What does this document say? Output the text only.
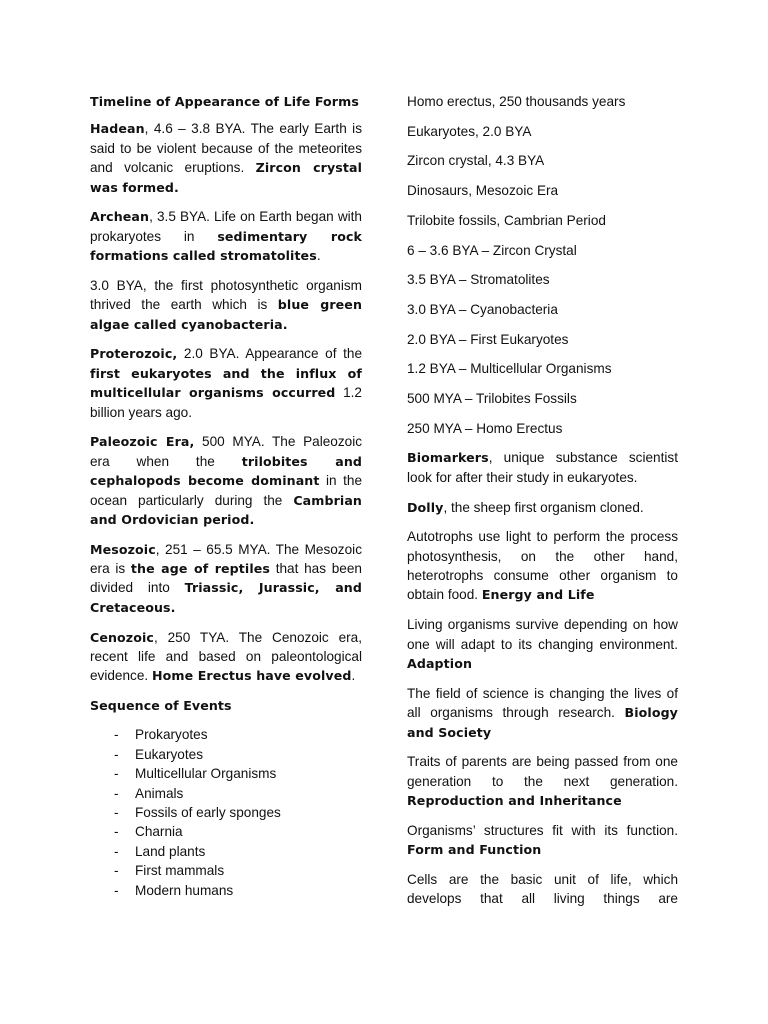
Timeline of Appearance of Life Forms

Hadean, 4.6 – 3.8 BYA. The early Earth is said to be violent because of the meteorites and volcanic eruptions. Zircon crystal was formed.

Archean, 3.5 BYA. Life on Earth began with prokaryotes in sedimentary rock formations called stromatolites.

3.0 BYA, the first photosynthetic organism thrived the earth which is blue green algae called cyanobacteria.

Proterozoic, 2.0 BYA. Appearance of the first eukaryotes and the influx of multicellular organisms occurred 1.2 billion years ago.

Paleozoic Era, 500 MYA. The Paleozoic era when the trilobites and cephalopods become dominant in the ocean particularly during the Cambrian and Ordovician period.

Mesozoic, 251 – 65.5 MYA. The Mesozoic era is the age of reptiles that has been divided into Triassic, Jurassic, and Cretaceous.

Cenozoic, 250 TYA. The Cenozoic era, recent life and based on paleontological evidence. Home Erectus have evolved.

Sequence of Events

- Prokaryotes
- Eukaryotes
- Multicellular Organisms
- Animals
- Fossils of early sponges
- Charnia
- Land plants
- First mammals
- Modern humans

Homo erectus, 250 thousands years

Eukaryotes, 2.0 BYA

Zircon crystal, 4.3 BYA

Dinosaurs, Mesozoic Era

Trilobite fossils, Cambrian Period

6 – 3.6 BYA – Zircon Crystal

3.5 BYA – Stromatolites

3.0 BYA – Cyanobacteria

2.0 BYA – First Eukaryotes

1.2 BYA – Multicellular Organisms

500 MYA – Trilobites Fossils

250 MYA – Homo Erectus

Biomarkers, unique substance scientist look for after their study in eukaryotes.

Dolly, the sheep first organism cloned.

Autotrophs use light to perform the process photosynthesis, on the other hand, heterotrophs consume other organism to obtain food. Energy and Life

Living organisms survive depending on how one will adapt to its changing environment. Adaption

The field of science is changing the lives of all organisms through research. Biology and Society

Traits of parents are being passed from one generation to the next generation. Reproduction and Inheritance

Organisms’ structures fit with its function. Form and Function

Cells are the basic unit of life, which develops that all living things are
